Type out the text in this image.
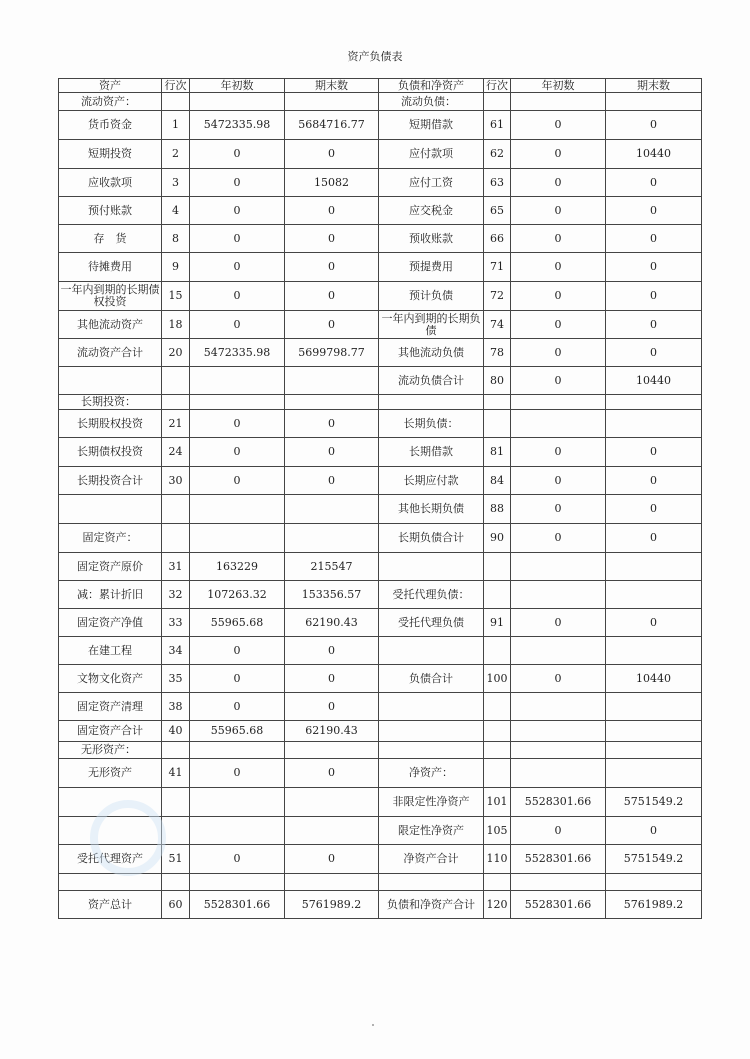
资产负债表
资产	行次	年初数	期末数	负债和净资产	行次	年初数	期末数
流动资产：				流动负债：			
货币资金	1	5472335.98	5684716.77	短期借款	61	0	0
短期投资	2	0	0	应付款项	62	0	10440
应收款项	3	0	15082	应付工资	63	0	0
预付账款	4	0	0	应交税金	65	0	0
存　货	8	0	0	预收账款	66	0	0
待摊费用	9	0	0	预提费用	71	0	0
一年内到期的长期债权投资	15	0	0	预计负债	72	0	0
其他流动资产	18	0	0	一年内到期的长期负债	74	0	0
流动资产合计	20	5472335.98	5699798.77	其他流动负债	78	0	0
				流动负债合计	80	0	10440
长期投资：							
长期股权投资	21	0	0	长期负债：			
长期债权投资	24	0	0	长期借款	81	0	0
长期投资合计	30	0	0	长期应付款	84	0	0
				其他长期负债	88	0	0
固定资产：				长期负债合计	90	0	0
固定资产原价	31	163229	215547				
减：累计折旧	32	107263.32	153356.57	受托代理负债：			
固定资产净值	33	55965.68	62190.43	受托代理负债	91	0	0
在建工程	34	0	0				
文物文化资产	35	0	0	负债合计	100	0	10440
固定资产清理	38	0	0				
固定资产合计	40	55965.68	62190.43				
无形资产：							
无形资产	41	0	0	净资产：			
				非限定性净资产	101	5528301.66	5751549.2
				限定性净资产	105	0	0
受托代理资产	51	0	0	净资产合计	110	5528301.66	5751549.2

资产总计	60	5528301.66	5761989.2	负债和净资产合计	120	5528301.66	5761989.2
